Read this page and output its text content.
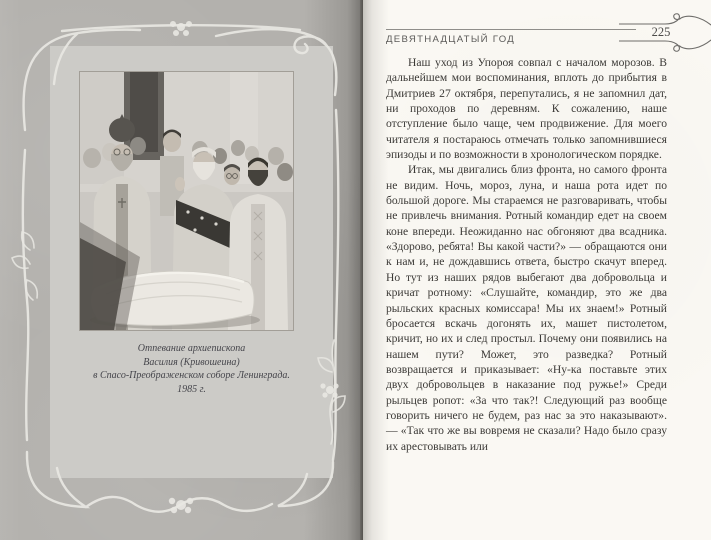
Отпевание архиепископа
Василия (Кривошеина)
в Спасо-Преображенском соборе Ленинграда.
1985 г.
ДЕВЯТНАДЦАТЫЙ ГОД
225

Наш уход из Упороя совпал с началом морозов. В дальнейшем мои воспоминания, вплоть до прибытия в Дмитриев 27 октября, перепутались, я не запомнил дат, ни проходов по деревням. К сожалению, наше отступление было чаще, чем продвижение. Для моего читателя я постараюсь отмечать только запомнившиеся эпизоды и по возможности в хронологическом порядке.

Итак, мы двигались близ фронта, но самого фронта не видим. Ночь, мороз, луна, и наша рота идет по большой дороге. Мы стараемся не разговаривать, чтобы не привлечь внимания. Ротный командир едет на своем коне впереди. Неожиданно нас обгоняют два всадника. «Здорово, ребята! Вы какой части?» — обращаются они к нам и, не дождавшись ответа, быстро скачут вперед. Но тут из наших рядов выбегают два добровольца и кричат ротному: «Слушайте, командир, это же два рыльских красных комиссара! Мы их знаем!» Ротный бросается вскачь догонять их, машет пистолетом, кричит, но их и след простыл. Почему они появились на нашем пути? Может, это разведка? Ротный возвращается и приказывает: «Ну-ка поставьте этих двух добровольцев в наказание под ружье!» Среди рыльцев ропот: «За что так?! Следующий раз вообще говорить ничего не будем, раз нас за это наказывают». — «Так что же вы вовремя не сказали? Надо было сразу их арестовывать или
